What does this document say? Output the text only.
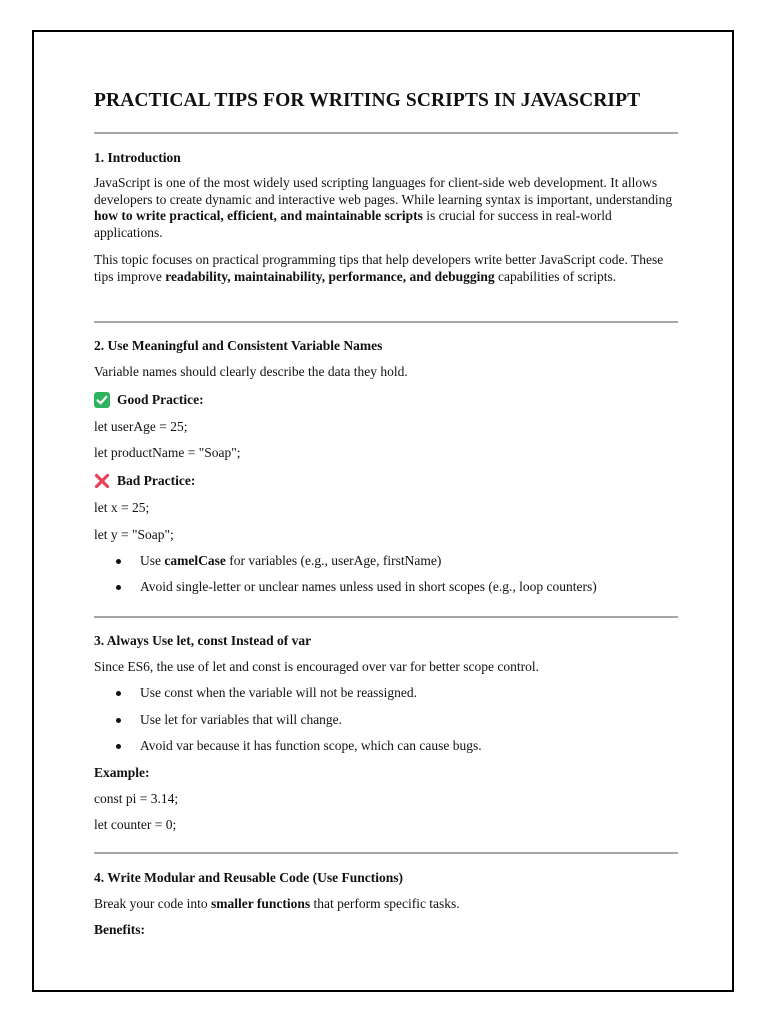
PRACTICAL TIPS FOR WRITING SCRIPTS IN JAVASCRIPT

1. Introduction

JavaScript is one of the most widely used scripting languages for client-side web development. It allows developers to create dynamic and interactive web pages. While learning syntax is important, understanding how to write practical, efficient, and maintainable scripts is crucial for success in real-world applications.

This topic focuses on practical programming tips that help developers write better JavaScript code. These tips improve readability, maintainability, performance, and debugging capabilities of scripts.

2. Use Meaningful and Consistent Variable Names

Variable names should clearly describe the data they hold.

Good Practice:

let userAge = 25;

let productName = "Soap";

Bad Practice:

let x = 25;

let y = "Soap";

Use camelCase for variables (e.g., userAge, firstName)
Avoid single-letter or unclear names unless used in short scopes (e.g., loop counters)

3. Always Use let, const Instead of var

Since ES6, the use of let and const is encouraged over var for better scope control.

Use const when the variable will not be reassigned.
Use let for variables that will change.
Avoid var because it has function scope, which can cause bugs.

Example:

const pi = 3.14;

let counter = 0;

4. Write Modular and Reusable Code (Use Functions)

Break your code into smaller functions that perform specific tasks.

Benefits:
